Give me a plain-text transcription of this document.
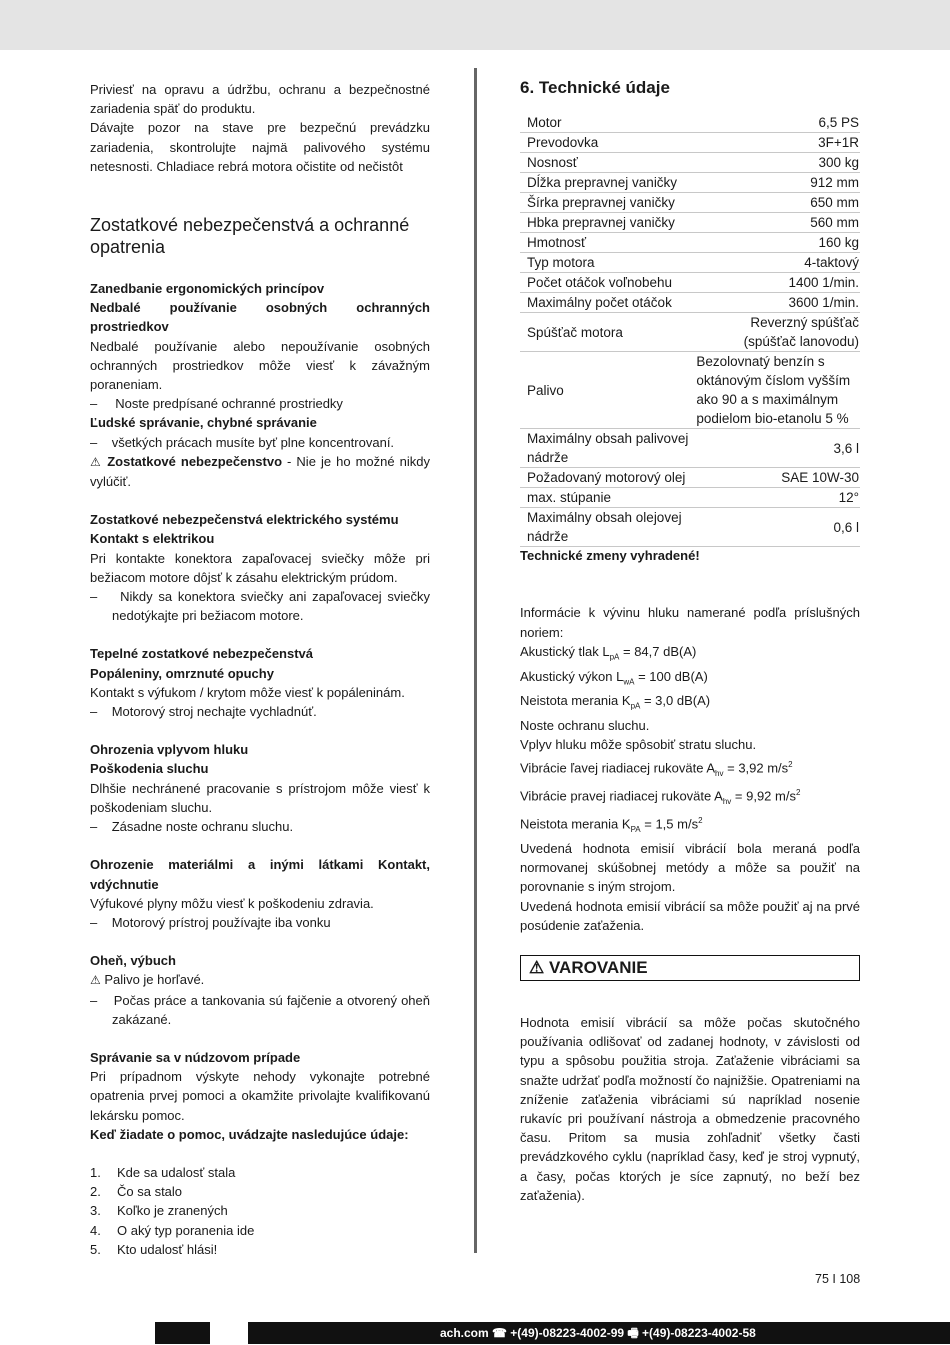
Priviesť na opravu a údržbu, ochranu a bezpečnostné zariadenia späť do produktu.

Dávajte pozor na stave pre bezpečnú prevádzku zariadenia, skontrolujte najmä palivového systému netesnosti. Chladiace rebrá motora očistite od nečistôt

Zostatkové nebezpečenstvá a ochranné opatrenia

Zanedbanie ergonomických princípov

Nedbalé používanie osobných ochranných prostriedkov

Nedbalé používanie alebo nepoužívanie osobných ochranných prostriedkov môže viesť k závažným poraneniam.

–     Noste predpísané ochranné prostriedky

Ľudské správanie, chybné správanie

–    všetkých prácach musíte byť plne koncentrovaní.

⚠ Zostatkové nebezpečenstvo - Nie je ho možné nikdy vylúčiť.

Zostatkové nebezpečenstvá elektrického systému

Kontakt s elektrikou

Pri kontakte konektora zapaľovacej sviečky môže pri bežiacom motore dôjsť k zásahu elektrickým prúdom.

–    Nikdy sa konektora sviečky ani zapaľovacej sviečky nedotýkajte pri bežiacom motore.

Tepelné zostatkové nebezpečenstvá

Popáleniny, omrznuté opuchy

Kontakt s výfukom / krytom môže viesť k popáleninám.

–    Motorový stroj nechajte vychladnúť.

Ohrozenia vplyvom hluku

Poškodenia sluchu

Dlhšie nechránené pracovanie s prístrojom môže viesť k poškodeniam sluchu.

–    Zásadne noste ochranu sluchu.

Ohrozenie materiálmi a inými látkami Kontakt, vdýchnutie

Výfukové plyny môžu viesť k poškodeniu zdravia.

–    Motorový prístroj používajte iba vonku

Oheň, výbuch

⚠ Palivo je horľavé.

–    Počas práce a tankovania sú fajčenie a otvorený oheň zakázané.

Správanie sa v núdzovom prípade

Pri prípadnom výskyte nehody vykonajte potrebné opatrenia prvej pomoci a okamžite privolajte kvalifikovanú lekársku pomoc.

Keď žiadate o pomoc, uvádzajte nasledujúce údaje:

1.	Kde sa udalosť stala
2.	Čo sa stalo
3.	Koľko je zranených
4.	O aký typ poranenia ide
5.	Kto udalosť hlási!
6. Technické údaje
Motor	6,5 PS
Prevodovka	3F+1R
Nosnosť	300 kg
Dĺžka prepravnej vaničky	912 mm
Šírka prepravnej vaničky	650 mm
Hbka prepravnej vaničky	560 mm
Hmotnosť	160 kg
Typ motora	4-taktový
Počet otáčok voľnobehu	1400 1/min.
Maximálny počet otáčok	3600 1/min.
Spúšťač motora	Reverzný spúšťač (spúšťač lanovodu)
Palivo	Bezolovnatý benzín s oktánovým číslom vyšším ako 90 a s maximálnym podielom bio-etanolu 5 %
Maximálny obsah palivovej nádrže	3,6 l
Požadovaný motorový olej	SAE 10W-30
max. stúpanie	12°
Maximálny obsah olejovej nádrže	0,6 l

Technické zmeny vyhradené!

Informácie k vývinu hluku namerané podľa príslušných noriem:

Akustický tlak $L_{pA} = 84,7$ dB(A)

Akustický výkon $L_{wA} = 100$ dB(A)

Neistota merania $K_{pA} = 3,0$ dB(A)

Noste ochranu sluchu.

Vplyv hluku môže spôsobiť stratu sluchu.

Vibrácie ľavej riadiacej rukoväte $A_{hv} = 3,92$ $m/s^2$

Vibrácie pravej riadiacej rukoväte $A_{hv} = 9,92$ $m/s^2$

Neistota merania $K_{PA} = 1,5$ $m/s^2$

Uvedená hodnota emisií vibrácií bola meraná podľa normovanej skúšobnej metódy a môže sa použiť na porovnanie s iným strojom.

Uvedená hodnota emisií vibrácií sa môže použiť aj na prvé posúdenie zaťaženia.

⚠ VAROVANIE

Hodnota emisií vibrácií sa môže počas skutočného používania odlišovať od zadanej hodnoty, v závislosti od typu a spôsobu použitia stroja. Zaťaženie vibráciami sa snažte udržať podľa možností čo najnižšie. Opatreniami na zníženie zaťaženia vibráciami sú napríklad nosenie rukavíc pri používaní nástroja a obmedzenie pracovného času. Pritom sa musia zohľadniť všetky časti prevádzkového cyklu (napríklad časy, keď je stroj vypnutý, a časy, počas ktorých je síce zapnutý, no beží bez zaťaženia).

75 I 108
ach.com ☎ +(49)-08223-4002-99 🖷 +(49)-08223-4002-58
